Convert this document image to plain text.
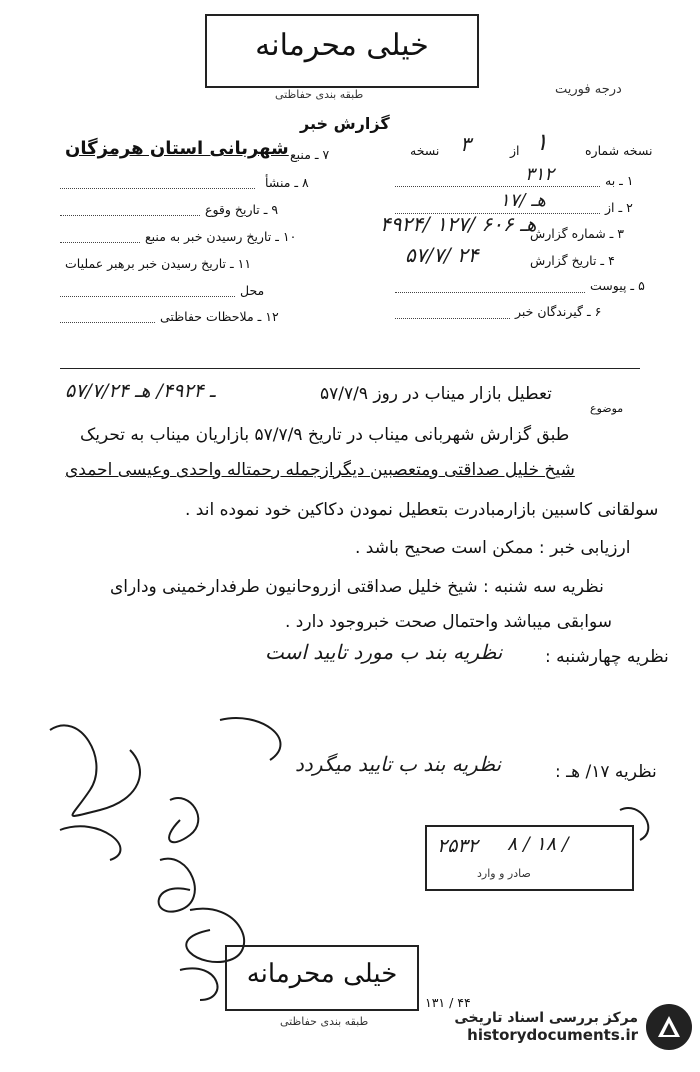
خیلی محرمانه
طبقه بندی حفاظتی	درجه فوریت
گزارش خبر
نسخه شماره
۱
از
۳
نسخه
۱ ـ به
۳۱۲
۲ ـ از
۱۷/ هـ
۳ ـ شماره گزارش
۴۹۲۴/ ۱۲۷/ ۶۰۶ هـ
۴ ـ تاریخ گزارش
۵۷/۷/ ۲۴
۵ ـ پیوست
۶ ـ گیرندگان خبر
۷ ـ منبع
شهربانی استان هرمزگان
۸ ـ منشأ
۹ ـ تاریخ وقوع
۱۰ ـ تاریخ رسیدن خبر به منبع
۱۱ ـ تاریخ رسیدن خبر برهبر عملیات
محل
۱۲ ـ ملاحظات حفاظتی
موضوع
تعطیل بازار میناب در روز ۵۷/۷/۹
۵۷/۷/۲۴ ـ ۴۹۲۴/ هـ
طبق گزارش شهربانی میناب در تاریخ ۵۷/۷/۹ بازاریان میناب به تحریک
شیخ خلیل صداقتی ومتعصبین دیگرازجمله رحمتاله واحدی وعیسی احمدی
سولقانی کاسبین بازارمبادرت بتعطیل نمودن دکاکین خود نموده اند .
ارزیابی خبر : ممکن است صحیح باشد .
نظریه سه شنبه : شیخ خلیل صداقتی ازروحانیون طرفدارخمینی ودارای
سوابقی میباشد واحتمال صحت خبروجود دارد .
نظریه چهارشنبه :
نظریه بند ب مورد تایید است
نظریه ۱۷/ هـ :
نظریه بند ب تایید میگردد
۲۵۳۲ ۸ / ۱۸ /
صادر و وارد
خیلی محرمانه
طبقه بندی حفاظتی
۱۳۱ / ۴۴
مرکز بررسی اسناد تاریخی
historydocuments.ir
